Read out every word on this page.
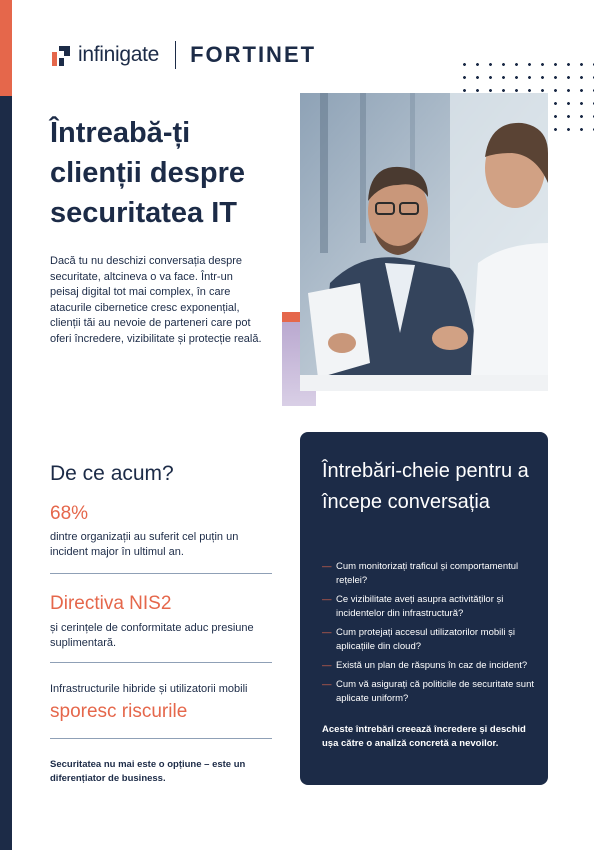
infinigate FORTINET
Întreabă-ți clienții despre securitatea IT

Dacă tu nu deschizi conversația despre securitate, altcineva o va face. Într-un peisaj digital tot mai complex, în care atacurile cibernetice cresc exponențial, clienții tăi au nevoie de parteneri care pot oferi încredere, vizibilitate și protecție reală.

De ce acum?
68%

dintre organizații au suferit cel puțin un incident major în ultimul an.

Directiva NIS2

și cerințele de conformitate aduc presiune suplimentară.

Infrastructurile hibride și utilizatorii mobili

sporesc riscurile

Securitatea nu mai este o opțiune – este un diferențiator de business.

Întrebări-cheie pentru a începe conversația
— Cum monitorizați traficul și comportamentul rețelei?
— Ce vizibilitate aveți asupra activităților și incidentelor din infrastructură?
— Cum protejați accesul utilizatorilor mobili și aplicațiile din cloud?
— Există un plan de răspuns în caz de incident?
— Cum vă asigurați că politicile de securitate sunt aplicate uniform?

Aceste întrebări creează încredere și deschid ușa către o analiză concretă a nevoilor.
